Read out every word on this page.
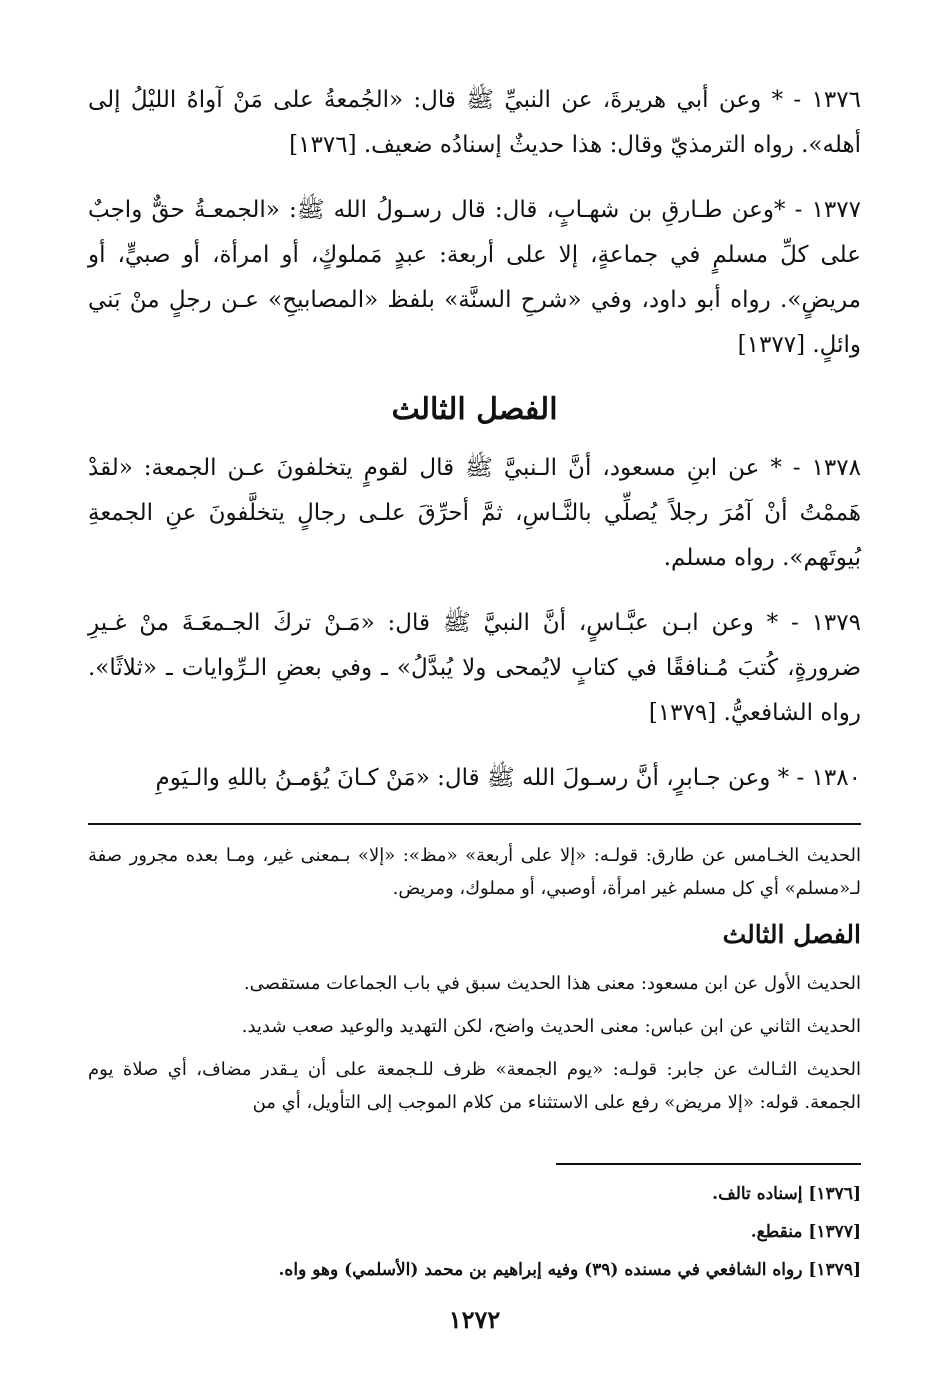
١٣٧٦ - * وعن أبي هريرةَ، عن النبيِّ ﷺ قال: «الجُمعةُ على مَنْ آواهُ الليْلُ إلى أهله». رواه الترمذيّ وقال: هذا حديثٌ إسنادُه ضعيف. [١٣٧٦]

١٣٧٧ - *وعن طـارقِ بن شهـابٍ، قال: قال رسـولُ الله ﷺ: «الجمعـةُ حقٌّ واجبٌ على كلِّ مسلمٍ في جماعةٍ، إلا على أربعة: عبدٍ مَملوكٍ، أو امرأة، أو صبيٍّ، أو مريضٍ». رواه أبو داود، وفي «شرحِ السنَّة» بلفظ «المصابيحِ» عـن رجلٍ منْ بَني وائلٍ. [١٣٧٧]

الفصل الثالث

١٣٧٨ - * عن ابنِ مسعود، أنَّ الـنبيَّ ﷺ قال لقومٍ يتخلفونَ عـن الجمعة: «لقدْ هَممْتُ أنْ آمُرَ رجلاً يُصلِّي بالنَّـاسِ، ثمَّ أحرِّقَ علـى رجالٍ يتخلَّفونَ عنِ الجمعةِ بُيوتَهم». رواه مسلم.

١٣٧٩ - * وعن ابـن عبَّـاسٍ، أنَّ النبيَّ ﷺ قال: «مَـنْ تركَ الجـمعَـةَ منْ غـيرِ ضرورةٍ، كُتبَ مُـنافقًا في كتابٍ لايُمحى ولا يُبدَّلُ» ـ وفي بعضِ الـرِّوايات ـ «ثلاثًا». رواه الشافعيُّ. [١٣٧٩]

١٣٨٠ - * وعن جـابرٍ، أنَّ رسـولَ الله ﷺ قال: «مَنْ كـانَ يُؤمـنُ باللهِ والـيَومِ

الحديث الخـامس عن طارق: قولـه: «إلا على أربعة» «مظ»: «إلا» بـمعنى غير، ومـا بعده مجرور صفة لـ«مسلم» أي كل مسلم غير امرأة، أوصبي، أو مملوك، ومريض.

الفصل الثالث

الحديث الأول عن ابن مسعود: معنى هذا الحديث سبق في باب الجماعات مستقصى.

الحديث الثاني عن ابن عباس: معنى الحديث واضح، لكن التهديد والوعيد صعب شديد.

الحديث الثـالث عن جابر: قولـه: «يوم الجمعة» ظرف للـجمعة على أن يـقدر مضاف، أي صلاة يوم الجمعة. قوله: «إلا مريض» رفع على الاستثناء من كلام الموجب إلى التأويل، أي من

[١٣٧٦] إسناده تالف.

[١٣٧٧] منقطع.

[١٣٧٩] رواه الشافعي في مسنده (٣٩) وفيه إبراهيم بن محمد (الأسلمي) وهو واه.

١٢٧٢
